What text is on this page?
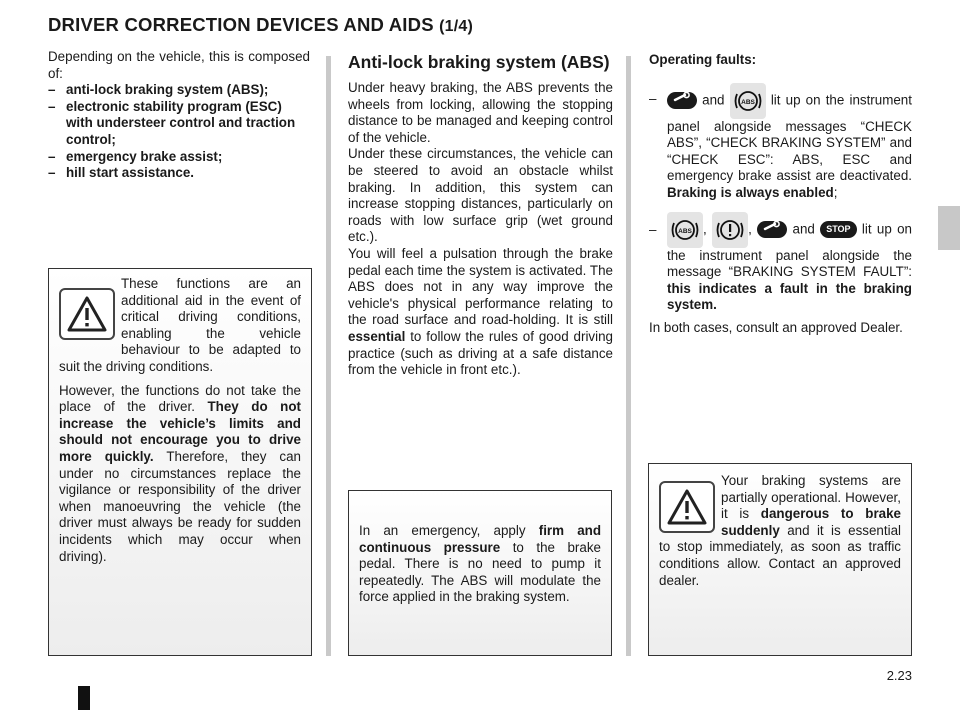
DRIVER CORRECTION DEVICES AND AIDS (1/4)

Depending on the vehicle, this is composed of:

– anti-lock braking system (ABS);
– electronic stability program (ESC) with understeer control and traction control;
– emergency brake assist;
– hill start assistance.

These functions are an additional aid in the event of critical driving conditions, enabling the vehicle behaviour to be adapted to suit the driving conditions.

However, the functions do not take the place of the driver. They do not increase the vehicle’s limits and should not encourage you to drive more quickly. Therefore, they can under no circumstances replace the vigilance or responsibility of the driver when manoeuvring the vehicle (the driver must always be ready for sudden incidents which may occur when driving).

Anti-lock braking system (ABS)

Under heavy braking, the ABS prevents the wheels from locking, allowing the stopping distance to be managed and keeping control of the vehicle.

Under these circumstances, the vehicle can be steered to avoid an obstacle whilst braking. In addition, this system can increase stopping distances, particularly on roads with low surface grip (wet ground etc.).

You will feel a pulsation through the brake pedal each time the system is activated. The ABS does not in any way improve the vehicle's physical performance relating to the road surface and road-holding. It is still essential to follow the rules of good driving practice (such as driving at a safe distance from the vehicle in front etc.).

In an emergency, apply firm and continuous pressure to the brake pedal. There is no need to pump it repeatedly. The ABS will modulate the force applied in the braking system.

Operating faults:

–	and	ABS lit up on the instrument panel alongside messages “CHECK ABS”, “CHECK BRAKING SYSTEM” and “CHECK ESC”: ABS, ESC and emergency brake assist are deactivated. Braking is always enabled;

–	ABS ,	,	and STOP lit up on the instrument panel alongside the message “BRAKING SYSTEM FAULT”: this indicates a fault in the braking system.

In both cases, consult an approved Dealer.

Your braking systems are partially operational. However, it is dangerous to brake suddenly and it is essential to stop immediately, as soon as traffic conditions allow. Contact an approved dealer.

2.23
